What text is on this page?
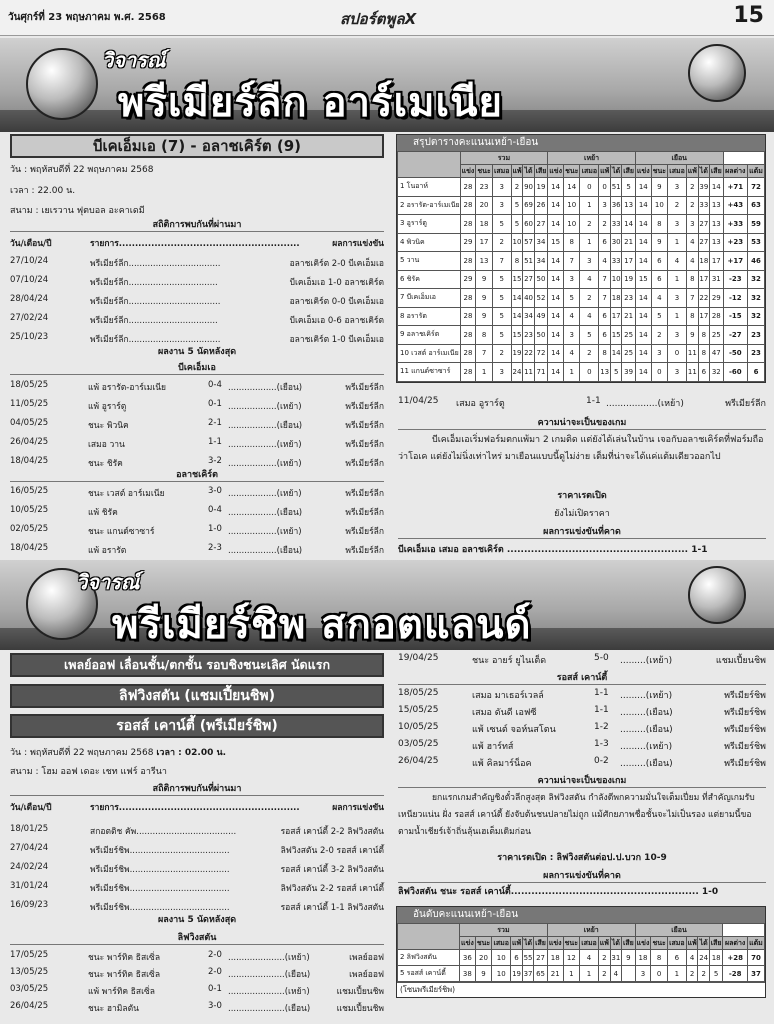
วันศุกร์ที่ 23 พฤษภาคม พ.ศ. 2568	สปอร์ตพูลX	15
วิจารณ์
พรีเมียร์ลีก อาร์เมเนีย
บีเคเอ็มเอ (7) - อลาชเคิร์ต (9)
วัน : พฤหัสบดีที่ 22 พฤษภาคม 2568
เวลา : 22.00 น.
สนาม : เยเรวาน ฟุตบอล อะคาเดมี
สถิติการพบกันที่ผ่านมา
วัน/เดือน/ปี	รายการ........................................................	ผลการแข่งขัน
27/10/24	พรีเมียร์ลีก..................................	อลาชเคิร์ต 2-0 บีเคเอ็มเอ
07/10/24	พรีเมียร์ลีก.................................	บีเคเอ็มเอ 1-0 อลาชเคิร์ต
28/04/24	พรีเมียร์ลีก..................................	อลาชเคิร์ต 0-0 บีเคเอ็มเอ
27/02/24	พรีเมียร์ลีก.................................	บีเคเอ็มเอ 0-6 อลาชเคิร์ต
25/10/23	พรีเมียร์ลีก..................................	อลาชเคิร์ต 1-0 บีเคเอ็มเอ
ผลงาน 5 นัดหลังสุด
บีเคเอ็มเอ
18/05/25	แพ้ อรารัต-อาร์เมเนีย	0-4 ..................(เยือน)	พรีเมียร์ลีก
11/05/25	แพ้ อูราร์ตู	0-1 ..................(เหย้า)	พรีเมียร์ลีก
04/05/25	ชนะ พิวนิค	2-1 ..................(เยือน)	พรีเมียร์ลีก
26/04/25	เสมอ วาน	1-1 ..................(เหย้า)	พรีเมียร์ลีก
18/04/25	ชนะ ชิรัค	3-2 ..................(เหย้า)	พรีเมียร์ลีก
อลาชเคิร์ต
16/05/25	ชนะ เวสต์ อาร์เมเนีย	3-0 ..................(เหย้า)	พรีเมียร์ลีก
10/05/25	แพ้ ชิรัค	0-4 ..................(เยือน)	พรีเมียร์ลีก
02/05/25	ชนะ แกนด์ซาซาร์	1-0 ..................(เหย้า)	พรีเมียร์ลีก
18/04/25	แพ้ อรารัต	2-3 ..................(เยือน)	พรีเมียร์ลีก
สรุปตารางคะแนนเหย้า-เยือน
	รวม						เหย้า						เยือน							
	แข่ง	ชนะ	เสมอ	แพ้	ได้	เสีย	แข่ง	ชนะ	เสมอ	แพ้	ได้	เสีย	แข่ง	ชนะ	เสมอ	แพ้	ได้	เสีย	ผลต่าง	แต้ม
1 โนอาห์	28	23	3	2	90	19	14	14	0	0	51	5	14	9	3	2	39	14	+71	72
2 อรารัต-อาร์เมเนีย	28	20	3	5	69	26	14	10	1	3	36	13	14	10	2	2	33	13	+43	63
3 อูราร์ตู	28	18	5	5	60	27	14	10	2	2	33	14	14	8	3	3	27	13	+33	59
4 พิวนิค	29	17	2	10	57	34	15	8	1	6	30	21	14	9	1	4	27	13	+23	53
5 วาน	28	13	7	8	51	34	14	7	3	4	33	17	14	6	4	4	18	17	+17	46
6 ชิรัค	29	9	5	15	27	50	14	3	4	7	10	19	15	6	1	8	17	31	-23	32
7 บีเคเอ็มเอ	28	9	5	14	40	52	14	5	2	7	18	23	14	4	3	7	22	29	-12	32
8 อรารัต	28	9	5	14	34	49	14	4	4	6	17	21	14	5	1	8	17	28	-15	32
9 อลาชเคิร์ต	28	8	5	15	23	50	14	3	5	6	15	25	14	2	3	9	8	25	-27	23
10 เวสต์ อาร์เมเนีย	28	7	2	19	22	72	14	4	2	8	14	25	14	3	0	11	8	47	-50	23
11 แกนด์ซาซาร์	28	1	3	24	11	71	14	1	0	13	5	39	14	0	3	11	6	32	-60	6
11/04/25 เสมอ อูราร์ตู	1-1 ..................(เหย้า)	พรีเมียร์ลีก
ความน่าจะเป็นของเกม
บีเคเอ็มเอเริ่มฟอร์มตกแพ้มา 2 เกมติด แต่ยังได้เล่นในบ้าน เจอกับอลาชเคิร์ตที่ฟอร์มถือว่าโอเค แต่ยังไม่นิ่งเท่าไหร่ มาเยือนแบบนี้ดูไม่ง่าย เต็มที่น่าจะได้แค่แต้มเดียวออกไป
ราคาเรตเปิด
ยังไม่เปิดราคา
ผลการแข่งขันที่คาด
บีเคเอ็มเอ เสมอ อลาชเคิร์ต ..................................................... 1-1
วิจารณ์
พรีเมียร์ชิพ สกอตแลนด์
เพลย์ออฟ เลื่อนชั้น/ตกชั้น รอบชิงชนะเลิศ นัดแรก
ลิฟวิงสตัน (แชมเปี้ยนชิพ)
รอสส์ เคาน์ตี้ (พรีเมียร์ชิพ)
วัน : พฤหัสบดีที่ 22 พฤษภาคม 2568 เวลา : 02.00 น.
สนาม : โฮม ออฟ เดอะ เชท แฟร์ อารีนา
สถิติการพบกันที่ผ่านมา
วัน/เดือน/ปี	รายการ........................................................	ผลการแข่งขัน
18/01/25	สกอตติช คัพ.....................................	รอสส์ เคาน์ตี้ 2-2 ลิฟวิงสตัน
27/04/24	พรีเมียร์ชิพ.....................................	ลิฟวิงสตัน 2-0 รอสส์ เคาน์ตี้
24/02/24	พรีเมียร์ชิพ.....................................	รอสส์ เคาน์ตี้ 3-2 ลิฟวิงสตัน
31/01/24	พรีเมียร์ชิพ.....................................	ลิฟวิงสตัน 2-2 รอสส์ เคาน์ตี้
16/09/23	พรีเมียร์ชิพ.....................................	รอสส์ เคาน์ตี้ 1-1 ลิฟวิงสตัน
ผลงาน 5 นัดหลังสุด
ลิฟวิงสตัน
17/05/25	ชนะ พาร์ทิค ธิสเซิ่ล	2-0 .....................(เหย้า)	เพลย์ออฟ
13/05/25	ชนะ พาร์ทิค ธิสเซิ่ล	2-0 .....................(เยือน)	เพลย์ออฟ
03/05/25	แพ้ พาร์ทิค ธิสเซิ่ล	0-1 .....................(เหย้า)	แชมเปี้ยนชิพ
26/04/25	ชนะ ฮามิลตัน	3-0 .....................(เยือน)	แชมเปี้ยนชิพ
19/04/25	ชนะ อายร์ ยูไนเต็ด	5-0 .........(เหย้า)	แชมเปี้ยนชิพ
รอสส์ เคาน์ตี้
18/05/25	เสมอ มาเธอร์เวลล์	1-1 .........(เหย้า)	พรีเมียร์ชิพ
15/05/25	เสมอ ดันดี เอฟซี	1-1 .........(เยือน)	พรีเมียร์ชิพ
10/05/25	แพ้ เซนต์ จอห์นสโตน	1-2 .........(เยือน)	พรีเมียร์ชิพ
03/05/25	แพ้ ฮาร์ทส์	1-3 .........(เหย้า)	พรีเมียร์ชิพ
26/04/25	แพ้ คิลมาร์น็อค	0-2 .........(เยือน)	พรีเมียร์ชิพ
ความน่าจะเป็นของเกม
ยกแรกเกมสำคัญชิงตั๋วลีกสูงสุด ลิฟวิงสตัน กำลังดีพกความมั่นใจเต็มเปี่ยม ที่สำคัญเกมรับเหนียวแน่น ฝั่ง รอสส์ เคาน์ตี้ ยังจับต้นชนปลายไม่ถูก แม้ศักยภาพชื่อชั้นจะไม่เป็นรอง แต่ยามนี้ขอตามน้ำเชียร์เจ้าถิ่นลุ้นเฮเต็มเดิมก่อน
ราคาเรตเปิด : ลิฟวิงสตันต่อป.ป.บวก 10-9
ผลการแข่งขันที่คาด
ลิฟวิงสตัน ชนะ รอสส์ เคาน์ตี้....................................................... 1-0
อันดับคะแนนเหย้า-เยือน
	รวม						เหย้า						เยือน							
	แข่ง	ชนะ	เสมอ	แพ้	ได้	เสีย	แข่ง	ชนะ	เสมอ	แพ้	ได้	เสีย	แข่ง	ชนะ	เสมอ	แพ้	ได้	เสีย	ผลต่าง	แต้ม
2 ลิฟวิงสตัน	36	20	10	6	55	27	18	12	4	2	31	9	18	8	6	4	24	18	+28	70
5 รอสส์ เคาน์ตี้	38	9	10	19	37	65	21	1	1	2	4		3	0	1	2	2	5	-28	37
(โซนพรีเมียร์ชิพ)
